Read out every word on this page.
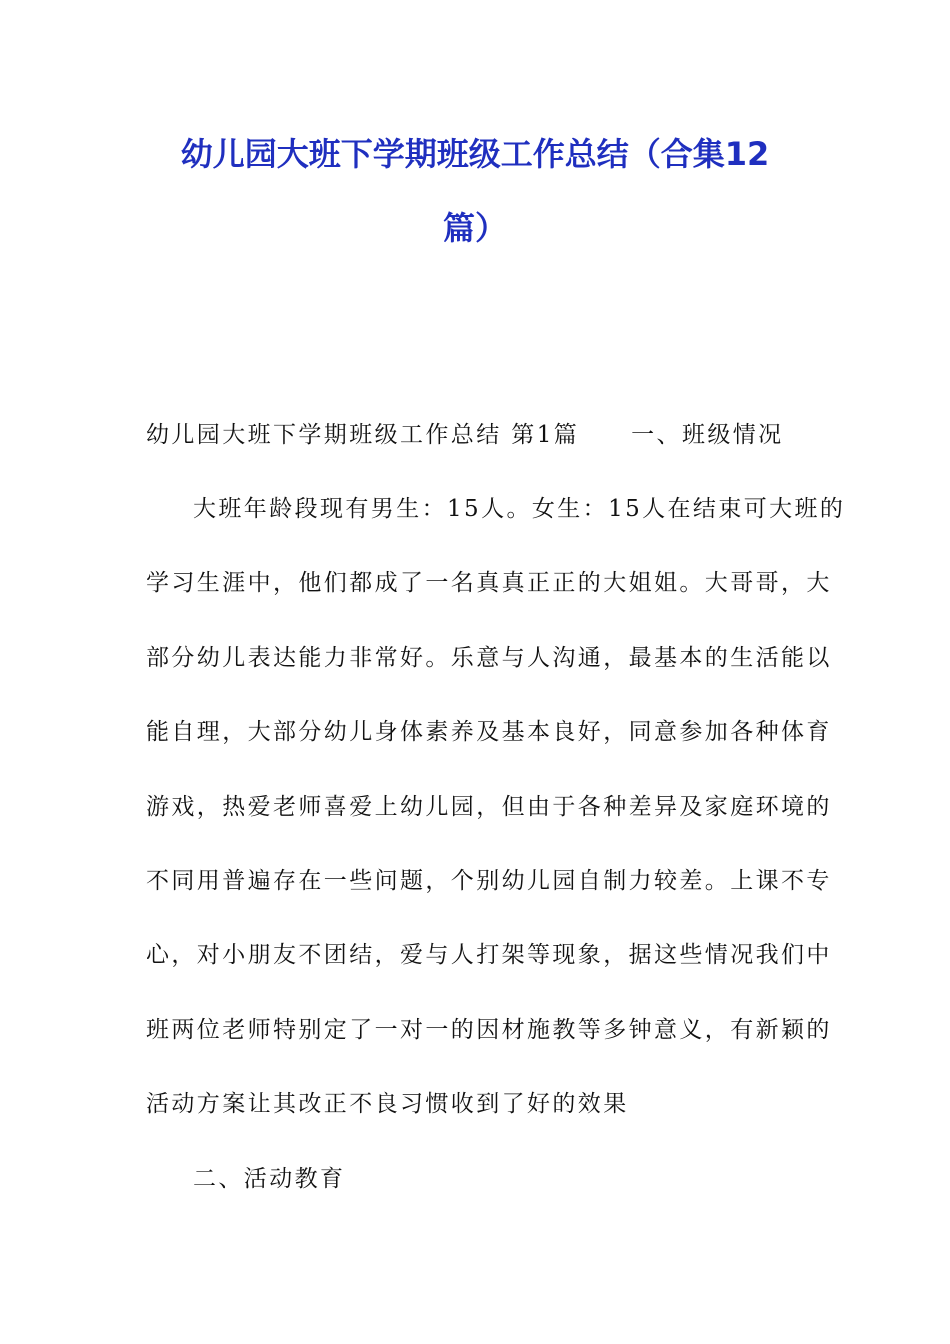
幼儿园大班下学期班级工作总结（合集12
篇）
幼儿园大班下学期班级工作总结 第1篇 一、班级情况
大班年龄段现有男生：15人。女生：15人在结束可大班的
学习生涯中，他们都成了一名真真正正的大姐姐。大哥哥，大
部分幼儿表达能力非常好。乐意与人沟通，最基本的生活能以
能自理，大部分幼儿身体素养及基本良好，同意参加各种体育
游戏，热爱老师喜爱上幼儿园，但由于各种差异及家庭环境的
不同用普遍存在一些问题，个别幼儿园自制力较差。上课不专
心，对小朋友不团结，爱与人打架等现象，据这些情况我们中
班两位老师特别定了一对一的因材施教等多钟意义，有新颖的
活动方案让其改正不良习惯收到了好的效果
二、活动教育
